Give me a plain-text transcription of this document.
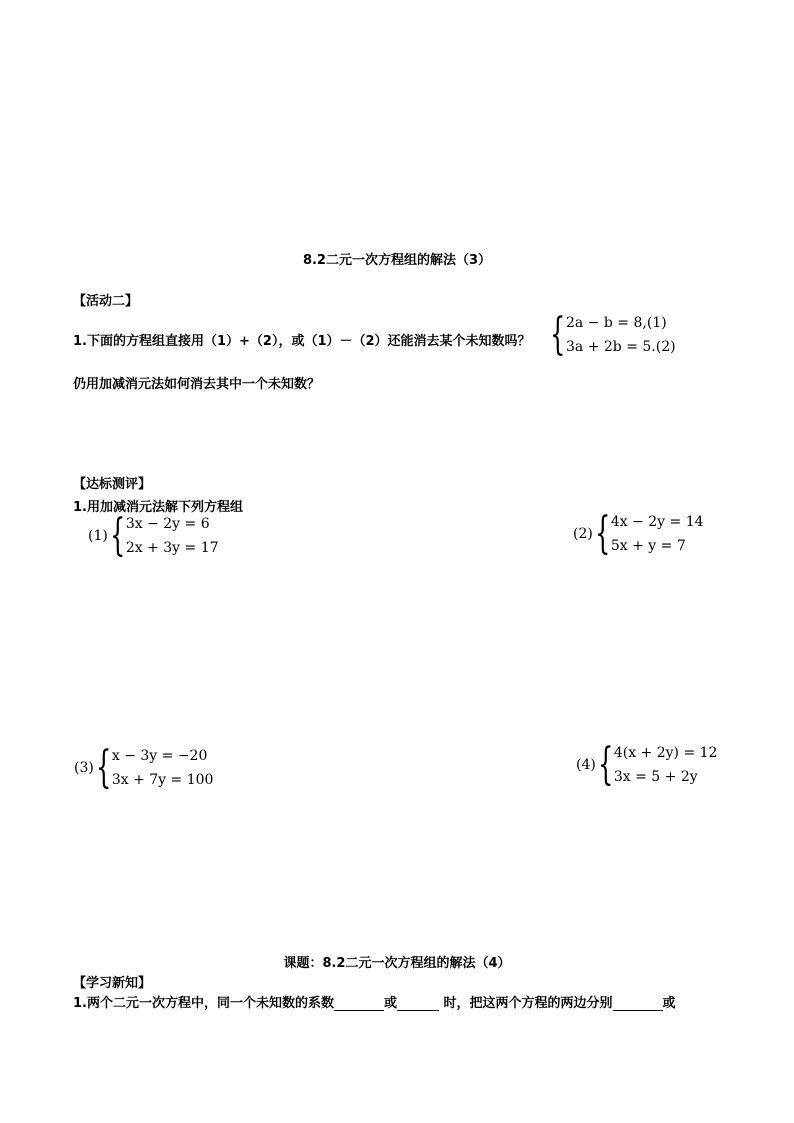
8.2二元一次方程组的解法（3）
【活动二】
1.下面的方程组直接用（1）+（2），或（1）－（2）还能消去某个未知数吗？ { 2a − b = 8,(1)
3a + 2b = 5.(2)
仍用加减消元法如何消去其中一个未知数？
【达标测评】
1.用加减消元法解下列方程组
(1) { 3x − 2y = 6
2x + 3y = 17
(2) { 4x − 2y = 14
5x + y = 7
(3) { x − 3y = −20
3x + 7y = 100
(4) { 4(x + 2y) = 12
3x = 5 + 2y
课题：8.2二元一次方程组的解法（4）
【学习新知】
1.两个二元一次方程中，同一个未知数的系数	或	时，把这两个方程的两边分别	或
